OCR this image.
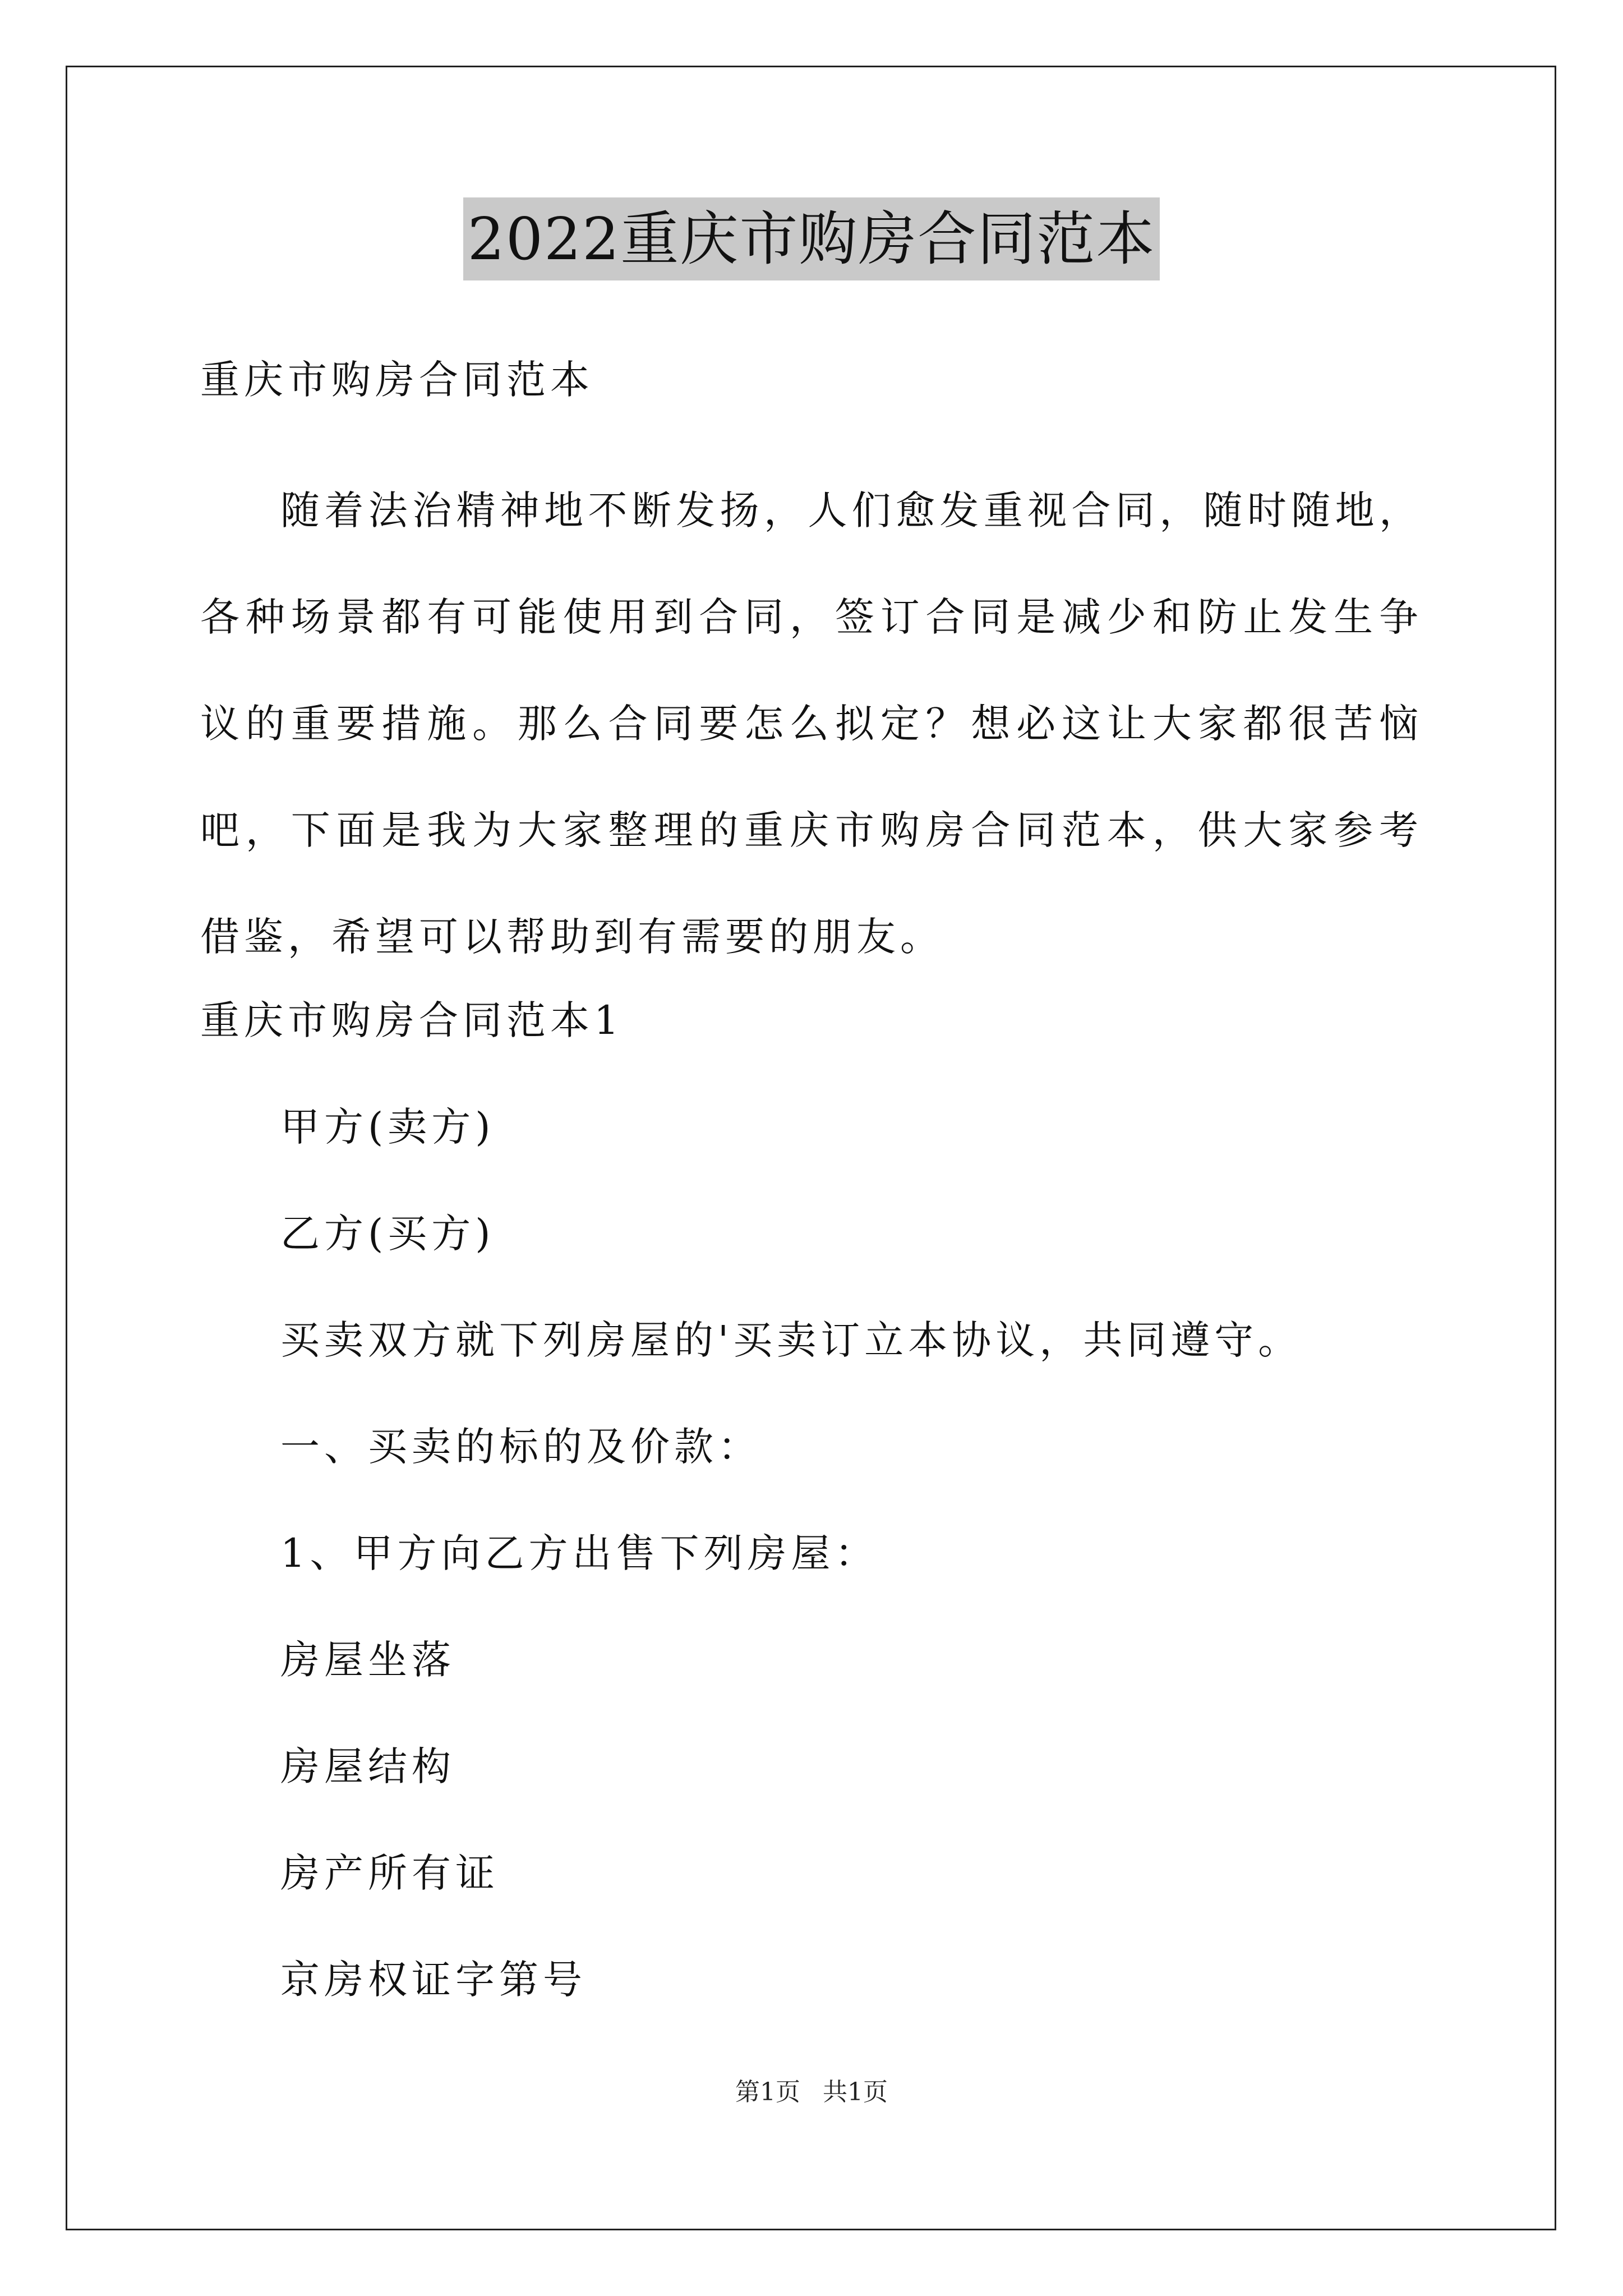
2022重庆市购房合同范本
重庆市购房合同范本
随着法治精神地不断发扬，人们愈发重视合同，随时随地，各种场景都有可能使用到合同，签订合同是减少和防止发生争议的重要措施。那么合同要怎么拟定？想必这让大家都很苦恼吧，下面是我为大家整理的重庆市购房合同范本，供大家参考借鉴，希望可以帮助到有需要的朋友。
重庆市购房合同范本1
甲方(卖方)
乙方(买方)
买卖双方就下列房屋的'买卖订立本协议，共同遵守。
一、买卖的标的及价款：
1、甲方向乙方出售下列房屋：
房屋坐落
房屋结构
房产所有证
京房权证字第号
第1页 共1页
